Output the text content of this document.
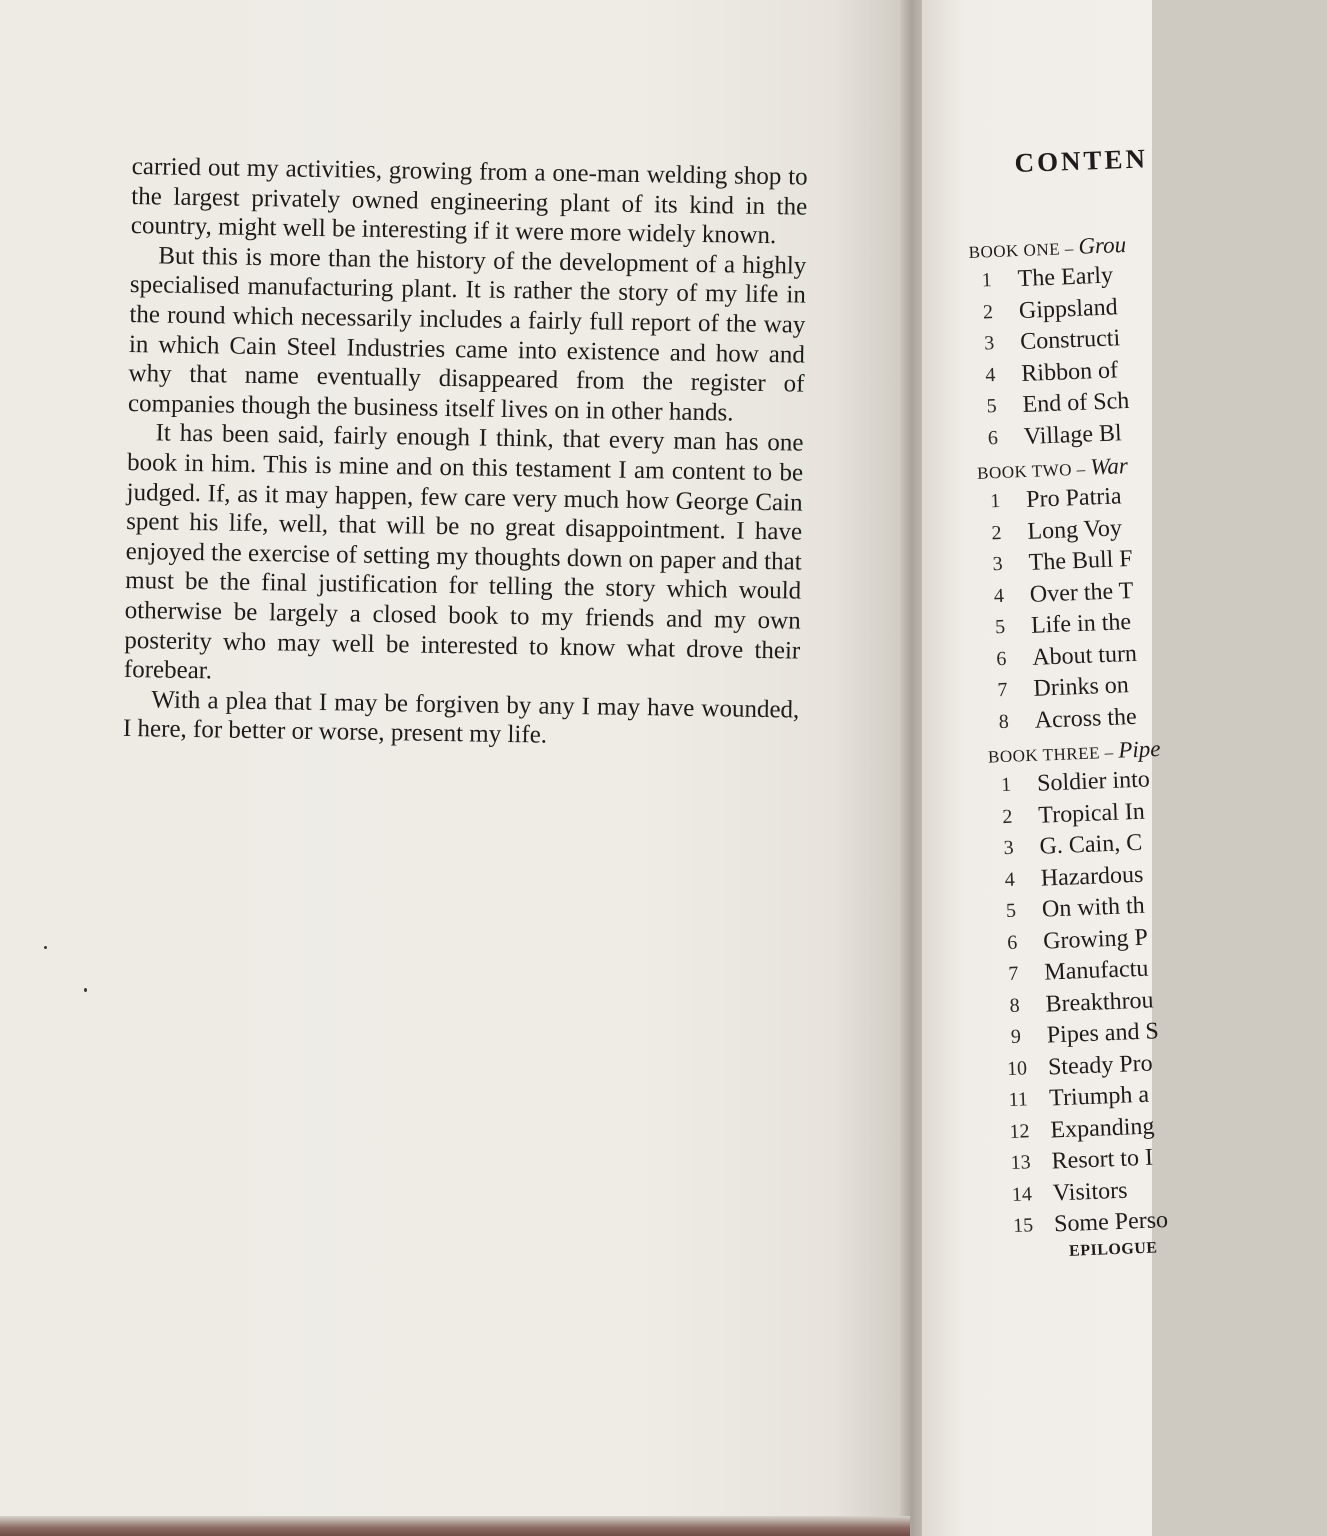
carried out my activities, growing from a one-man welding shop to the largest privately owned engineering plant of its kind in the country, might well be interesting if it were more widely known.

But this is more than the history of the development of a highly specialised manufacturing plant. It is rather the story of my life in the round which necessarily includes a fairly full report of the way in which Cain Steel Industries came into existence and how and why that name eventually disappeared from the register of companies though the business itself lives on in other hands.

It has been said, fairly enough I think, that every man has one book in him. This is mine and on this testament I am content to be judged. If, as it may happen, few care very much how George Cain spent his life, well, that will be no great disappointment. I have enjoyed the exercise of setting my thoughts down on paper and that must be the final justification for telling the story which would otherwise be largely a closed book to my friends and my own posterity who may well be interested to know what drove their forebear.

With a plea that I may be forgiven by any I may have wounded, I here, for better or worse, present my life.

CONTEN
BOOK ONE – Grou
1	The Early
2	Gippsland
3	Constructi
4	Ribbon of
5	End of Sch
6	Village Bl
BOOK TWO – War
1	Pro Patria
2	Long Voy
3	The Bull F
4	Over the T
5	Life in the
6	About turn
7	Drinks on
8	Across the
BOOK THREE – Pipe
1	Soldier into
2	Tropical In
3	G. Cain, C
4	Hazardous
5	On with th
6	Growing P
7	Manufactu
8	Breakthrou
9	Pipes and S
10 Steady Pro
11 Triumph a
12 Expanding
13 Resort to I
14 Visitors
15 Some Perso
EPILOGUE
